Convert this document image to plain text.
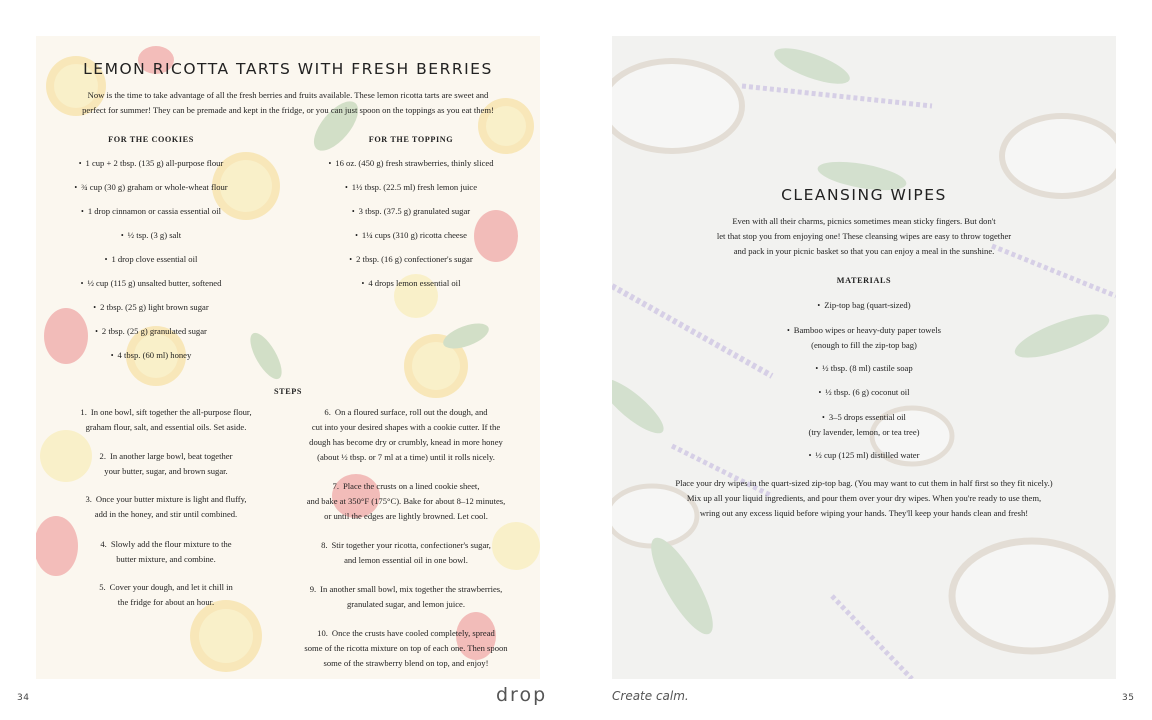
LEMON RICOTTA TARTS WITH FRESH BERRIES
Now is the time to take advantage of all the fresh berries and fruits available. These lemon ricotta tarts are sweet and
perfect for summer! They can be premade and kept in the fridge, or you can just spoon on the toppings as you eat them!
FOR THE COOKIES
• 1 cup + 2 tbsp. (135 g) all-purpose flour
• ¾ cup (30 g) graham or whole-wheat flour
• 1 drop cinnamon or cassia essential oil
• ½ tsp. (3 g) salt
• 1 drop clove essential oil
• ½ cup (115 g) unsalted butter, softened
• 2 tbsp. (25 g) light brown sugar
• 2 tbsp. (25 g) granulated sugar
• 4 tbsp. (60 ml) honey
FOR THE TOPPING
• 16 oz. (450 g) fresh strawberries, thinly sliced
• 1½ tbsp. (22.5 ml) fresh lemon juice
• 3 tbsp. (37.5 g) granulated sugar
• 1¼ cups (310 g) ricotta cheese
• 2 tbsp. (16 g) confectioner's sugar
• 4 drops lemon essential oil
STEPS
1. In one bowl, sift together the all-purpose flour,
graham flour, salt, and essential oils. Set aside.
2. In another large bowl, beat together
your butter, sugar, and brown sugar.
3. Once your butter mixture is light and fluffy,
add in the honey, and stir until combined.
4. Slowly add the flour mixture to the
butter mixture, and combine.
5. Cover your dough, and let it chill in
the fridge for about an hour.
6. On a floured surface, roll out the dough, and
cut into your desired shapes with a cookie cutter. If the
dough has become dry or crumbly, knead in more honey
(about ½ tbsp. or 7 ml at a time) until it rolls nicely.
7. Place the crusts on a lined cookie sheet,
and bake at 350°F (175°C). Bake for about 8–12 minutes,
or until the edges are lightly browned. Let cool.
8. Stir together your ricotta, confectioner's sugar,
and lemon essential oil in one bowl.
9. In another small bowl, mix together the strawberries,
granulated sugar, and lemon juice.
10. Once the crusts have cooled completely, spread
some of the ricotta mixture on top of each one. Then spoon
some of the strawberry blend on top, and enjoy!
CLEANSING WIPES
Even with all their charms, picnics sometimes mean sticky fingers. But don't
let that stop you from enjoying one! These cleansing wipes are easy to throw together
and pack in your picnic basket so that you can enjoy a meal in the sunshine.
MATERIALS
• Zip-top bag (quart-sized)
• Bamboo wipes or heavy-duty paper towels
(enough to fill the zip-top bag)
• ½ tbsp. (8 ml) castile soap
• ½ tbsp. (6 g) coconut oil
• 3–5 drops essential oil
(try lavender, lemon, or tea tree)
• ½ cup (125 ml) distilled water
Place your dry wipes in the quart-sized zip-top bag. (You may want to cut them in half first so they fit nicely.)
Mix up all your liquid ingredients, and pour them over your dry wipes. When you're ready to use them,
wring out any excess liquid before wiping your hands. They'll keep your hands clean and fresh!
34	drop	Create calm.	35
